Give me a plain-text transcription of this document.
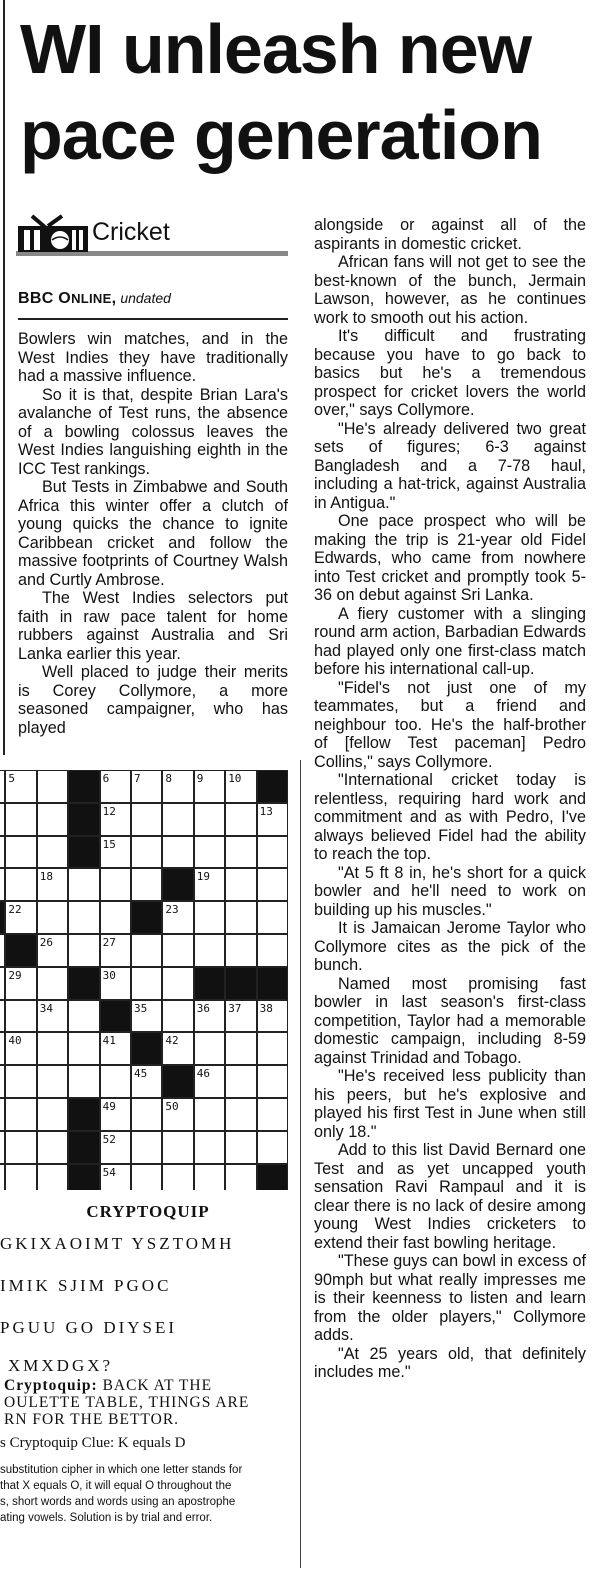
WI unleash new
pace generation
Cricket
BBC ONLINE, undated

Bowlers win matches, and in the West Indies they have traditionally had a massive influence.

So it is that, despite Brian Lara's avalanche of Test runs, the absence of a bowling colossus leaves the West Indies languishing eighth in the ICC Test rankings.

But Tests in Zimbabwe and South Africa this winter offer a clutch of young quicks the chance to ignite Caribbean cricket and follow the massive footprints of Courtney Walsh and Curtly Ambrose.

The West Indies selectors put faith in raw pace talent for home rubbers against Australia and Sri Lanka earlier this year.

Well placed to judge their merits is Corey Collymore, a more seasoned campaigner, who has played

alongside or against all of the aspirants in domestic cricket.

African fans will not get to see the best-known of the bunch, Jermain Lawson, however, as he continues work to smooth out his action.

It's difficult and frustrating because you have to go back to basics but he's a tremendous prospect for cricket lovers the world over," says Collymore.

"He's already delivered two great sets of figures; 6-3 against Bangladesh and a 7-78 haul, including a hat-trick, against Australia in Antigua."

One pace prospect who will be making the trip is 21-year old Fidel Edwards, who came from nowhere into Test cricket and promptly took 5-36 on debut against Sri Lanka.

A fiery customer with a slinging round arm action, Barbadian Edwards had played only one first-class match before his international call-up.

"Fidel's not just one of my teammates, but a friend and neighbour too. He's the half-brother of [fellow Test paceman] Pedro Collins," says Collymore.

"International cricket today is relentless, requiring hard work and commitment and as with Pedro, I've always believed Fidel had the ability to reach the top.

"At 5 ft 8 in, he's short for a quick bowler and he'll need to work on building up his muscles."

It is Jamaican Jerome Taylor who Collymore cites as the pick of the bunch.

Named most promising fast bowler in last season's first-class competition, Taylor had a memorable domestic campaign, including 8-59 against Trinidad and Tobago.

"He's received less publicity than his peers, but he's explosive and played his first Test in June when still only 18."

Add to this list David Bernard one Test and as yet uncapped youth sensation Ravi Rampaul and it is clear there is no lack of desire among young West Indies cricketers to extend their fast bowling heritage.

"These guys can bowl in excess of 90mph but what really impresses me is their keenness to listen and learn from the older players," Collymore adds.

"At 25 years old, that definitely includes me."

5	6 7 8 9 10
12	13
15
18	19
22	23
26	27
29	30
34	35	36 37 38
40	41	42
45	46
49	50
52
54
CRYPTOQUIP
GKIXAOIMT YSZTOMH
IMIK SJIM PGOC
PGUU GO DIYSEI
XMXDGX?
Cryptoquip: BACK AT THE
OULETTE TABLE, THINGS ARE
RN FOR THE BETTOR.
s Cryptoquip Clue: K equals D
substitution cipher in which one letter stands for
that X equals O, it will equal O throughout the
s, short words and words using an apostrophe
ating vowels. Solution is by trial and error.
